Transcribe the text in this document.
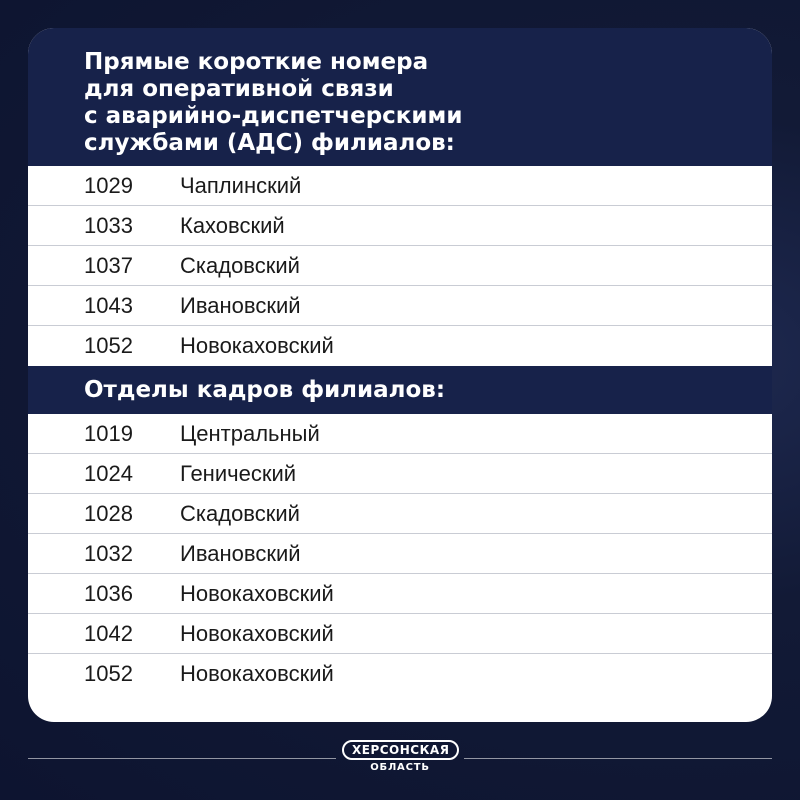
Прямые короткие номера
для оперативной связи
с аварийно-диспетчерскими
службами (АДС) филиалов:
1029	Чаплинский
1033	Каховский
1037	Скадовский
1043	Ивановский
1052	Новокаховский
Отделы кадров филиалов:
1019	Центральный
1024	Генический
1028	Скадовский
1032	Ивановский
1036	Новокаховский
1042	Новокаховский
1052	Новокаховский
ХЕРСОНСКАЯ
ОБЛАСТЬ
